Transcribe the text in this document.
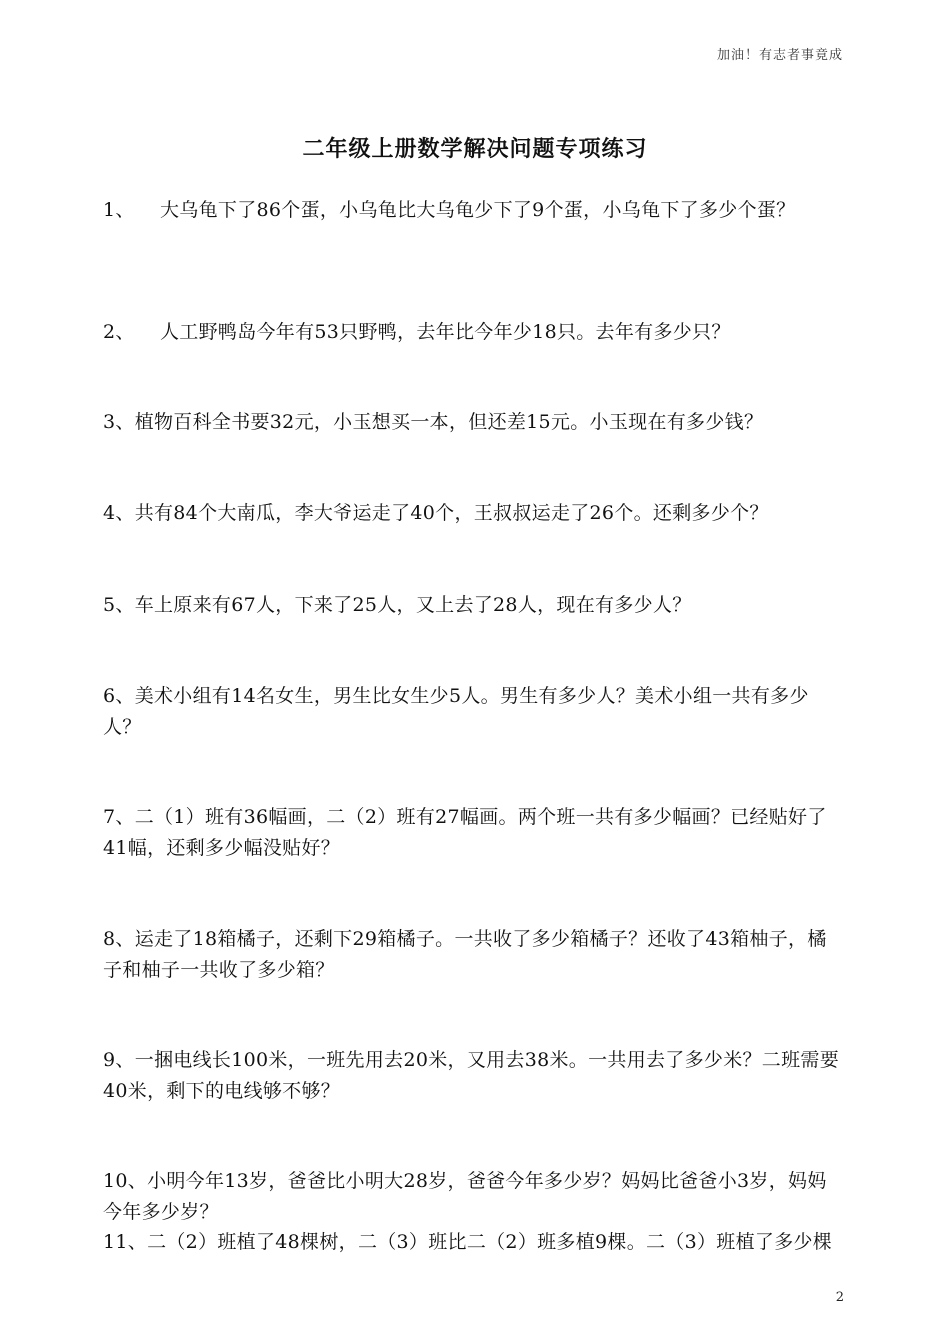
加油！有志者事竟成
二年级上册数学解决问题专项练习
1、 大乌龟下了86个蛋，小乌龟比大乌龟少下了9个蛋，小乌龟下了多少个蛋？
2、 人工野鸭岛今年有53只野鸭，去年比今年少18只。去年有多少只？
3、植物百科全书要32元，小玉想买一本，但还差15元。小玉现在有多少钱？
4、共有84个大南瓜，李大爷运走了40个，王叔叔运走了26个。还剩多少个？
5、车上原来有67人，下来了25人，又上去了28人，现在有多少人？
6、美术小组有14名女生，男生比女生少5人。男生有多少人？美术小组一共有多少人？
7、二（1）班有36幅画，二（2）班有27幅画。两个班一共有多少幅画？已经贴好了41幅，还剩多少幅没贴好？
8、运走了18箱橘子，还剩下29箱橘子。一共收了多少箱橘子？还收了43箱柚子，橘子和柚子一共收了多少箱？
9、一捆电线长100米，一班先用去20米，又用去38米。一共用去了多少米？二班需要40米，剩下的电线够不够？
10、小明今年13岁，爸爸比小明大28岁，爸爸今年多少岁？妈妈比爸爸小3岁，妈妈今年多少岁？
11、二（2）班植了48棵树，二（3）班比二（2）班多植9棵。二（3）班植了多少棵
2
